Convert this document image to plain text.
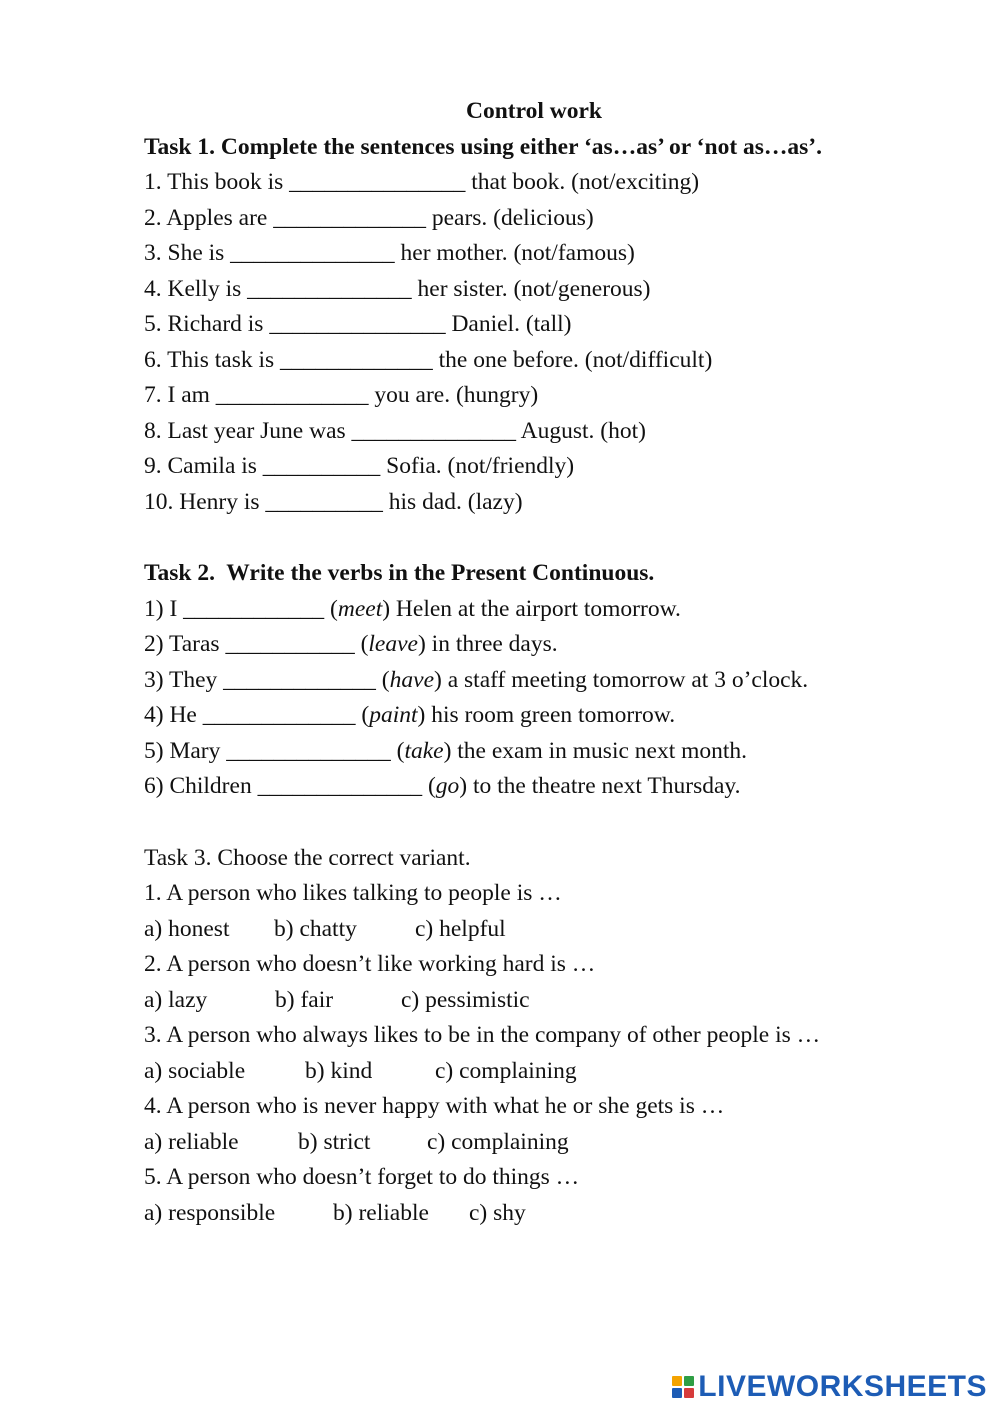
Control work
Task 1. Complete the sentences using either ‘as…as’ or ‘not as…as’.
1. This book is _______________ that book. (not/exciting)
2. Apples are _____________ pears. (delicious)
3. She is ______________ her mother. (not/famous)
4. Kelly is ______________ her sister. (not/generous)
5. Richard is _______________ Daniel. (tall)
6. This task is _____________ the one before. (not/difficult)
7. I am _____________ you are. (hungry)
8. Last year June was ______________ August. (hot)
9. Camila is __________ Sofia. (not/friendly)
10. Henry is __________ his dad. (lazy)
Task 2.  Write the verbs in the Present Continuous.
1) I ____________ (meet) Helen at the airport tomorrow.
2) Taras ___________ (leave) in three days.
3) They _____________ (have) a staff meeting tomorrow at 3 o’clock.
4) He _____________ (paint) his room green tomorrow.
5) Mary ______________ (take) the exam in music next month.
6) Children ______________ (go) to the theatre next Thursday.
Task 3. Choose the correct variant.
1. A person who likes talking to people is …
a) honest b) chatty c) helpful
2. A person who doesn’t like working hard is …
a) lazy	b) fair	c) pessimistic
3. A person who always likes to be in the company of other people is …
a) sociable	b) kind	c) complaining
4. A person who is never happy with what he or she gets is …
a) reliable	b) strict c) complaining
5. A person who doesn’t forget to do things …
a) responsible b) reliable c) shy
LIVEWORKSHEETS
